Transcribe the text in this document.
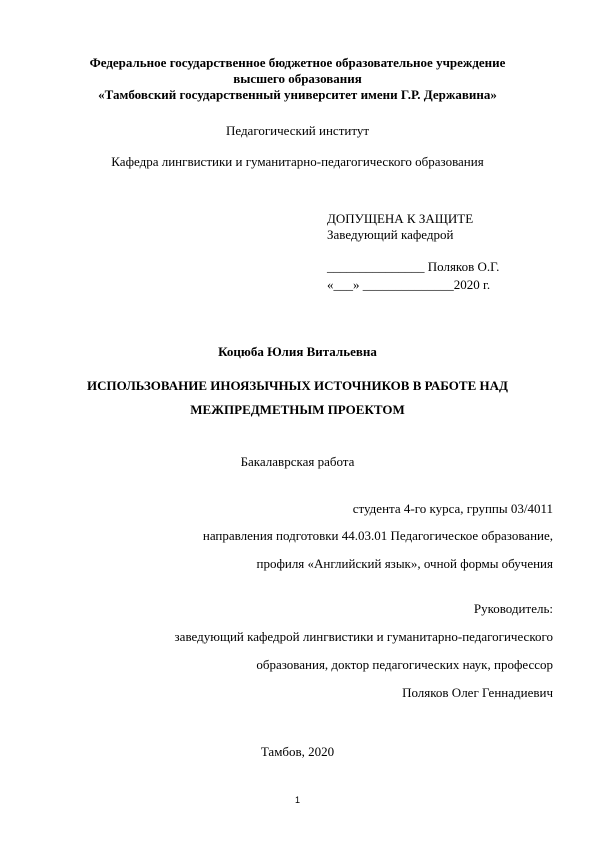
Федеральное государственное бюджетное образовательное учреждение
высшего образования
«Тамбовский государственный университет имени Г.Р. Державина»
Педагогический институт
Кафедра лингвистики и гуманитарно-педагогического образования
ДОПУЩЕНА К ЗАЩИТЕ
Заведующий кафедрой
_______________ Поляков О.Г.
«___» ______________2020 г.
Коцюба Юлия Витальевна
ИСПОЛЬЗОВАНИЕ ИНОЯЗЫЧНЫХ ИСТОЧНИКОВ В РАБОТЕ НАД
МЕЖПРЕДМЕТНЫМ ПРОЕКТОМ
Бакалаврская работа
студента 4-го курса, группы 03/4011
направления подготовки 44.03.01 Педагогическое образование,
профиля «Английский язык», очной формы обучения
Руководитель:
заведующий кафедрой лингвистики и гуманитарно-педагогического
образования, доктор педагогических наук, профессор
Поляков Олег Геннадиевич
Тамбов, 2020
1
